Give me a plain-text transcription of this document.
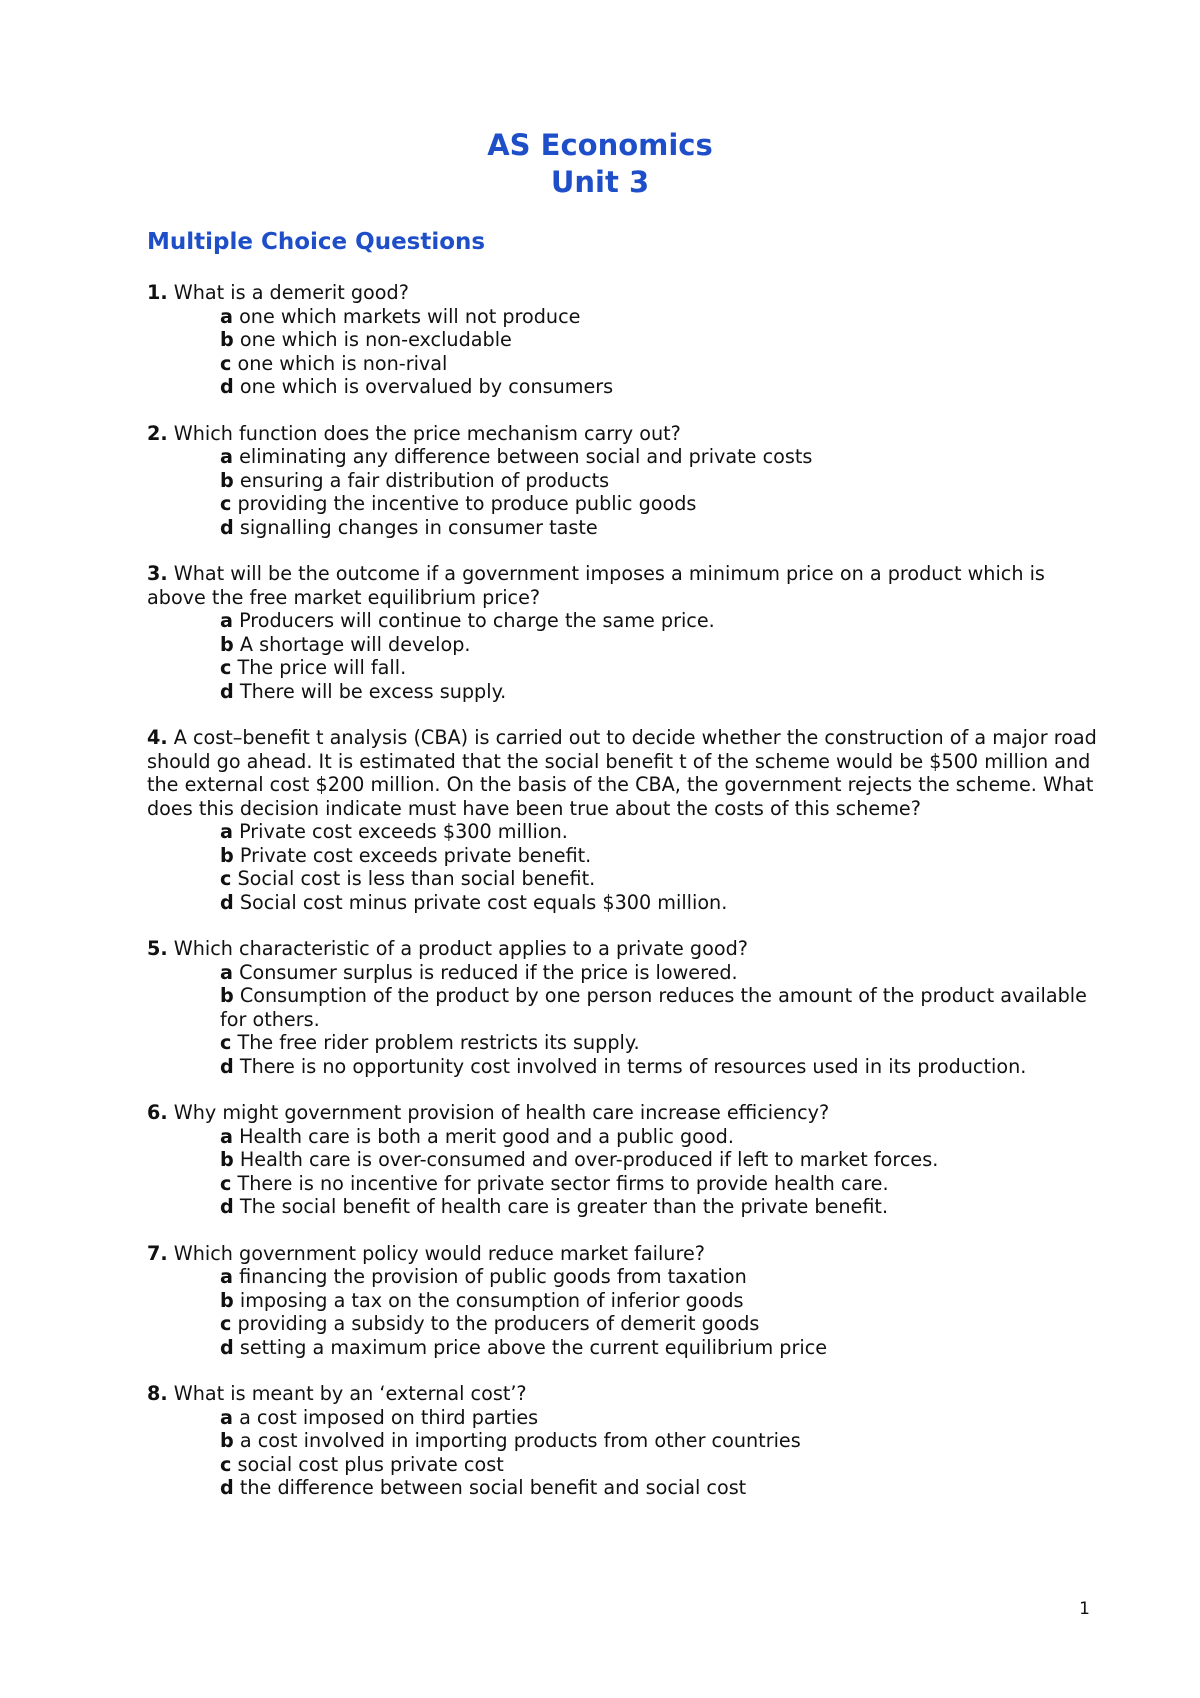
AS Economics
Unit 3
Multiple Choice Questions

1. What is a demerit good?

a one which markets will not produce

b one which is non-excludable

c one which is non-rival

d one which is overvalued by consumers

2. Which function does the price mechanism carry out?

a eliminating any difference between social and private costs

b ensuring a fair distribution of products

c providing the incentive to produce public goods

d signalling changes in consumer taste

3. What will be the outcome if a government imposes a minimum price on a product which is above the free market equilibrium price?

a Producers will continue to charge the same price.

b A shortage will develop.

c The price will fall.

d There will be excess supply.

4. A cost–benefit t analysis (CBA) is carried out to decide whether the construction of a major road should go ahead. It is estimated that the social benefit t of the scheme would be $500 million and the external cost $200 million. On the basis of the CBA, the government rejects the scheme. What does this decision indicate must have been true about the costs of this scheme?

a Private cost exceeds $300 million.

b Private cost exceeds private benefit.

c Social cost is less than social benefit.

d Social cost minus private cost equals $300 million.

5. Which characteristic of a product applies to a private good?

a Consumer surplus is reduced if the price is lowered.

b Consumption of the product by one person reduces the amount of the product available for others.

c The free rider problem restricts its supply.

d There is no opportunity cost involved in terms of resources used in its production.

6. Why might government provision of health care increase efficiency?

a Health care is both a merit good and a public good.

b Health care is over-consumed and over-produced if left to market forces.

c There is no incentive for private sector firms to provide health care.

d The social benefit of health care is greater than the private benefit.

7. Which government policy would reduce market failure?

a financing the provision of public goods from taxation

b imposing a tax on the consumption of inferior goods

c providing a subsidy to the producers of demerit goods

d setting a maximum price above the current equilibrium price

8. What is meant by an ‘external cost’?

a a cost imposed on third parties

b a cost involved in importing products from other countries

c social cost plus private cost

d the difference between social benefit and social cost

1
